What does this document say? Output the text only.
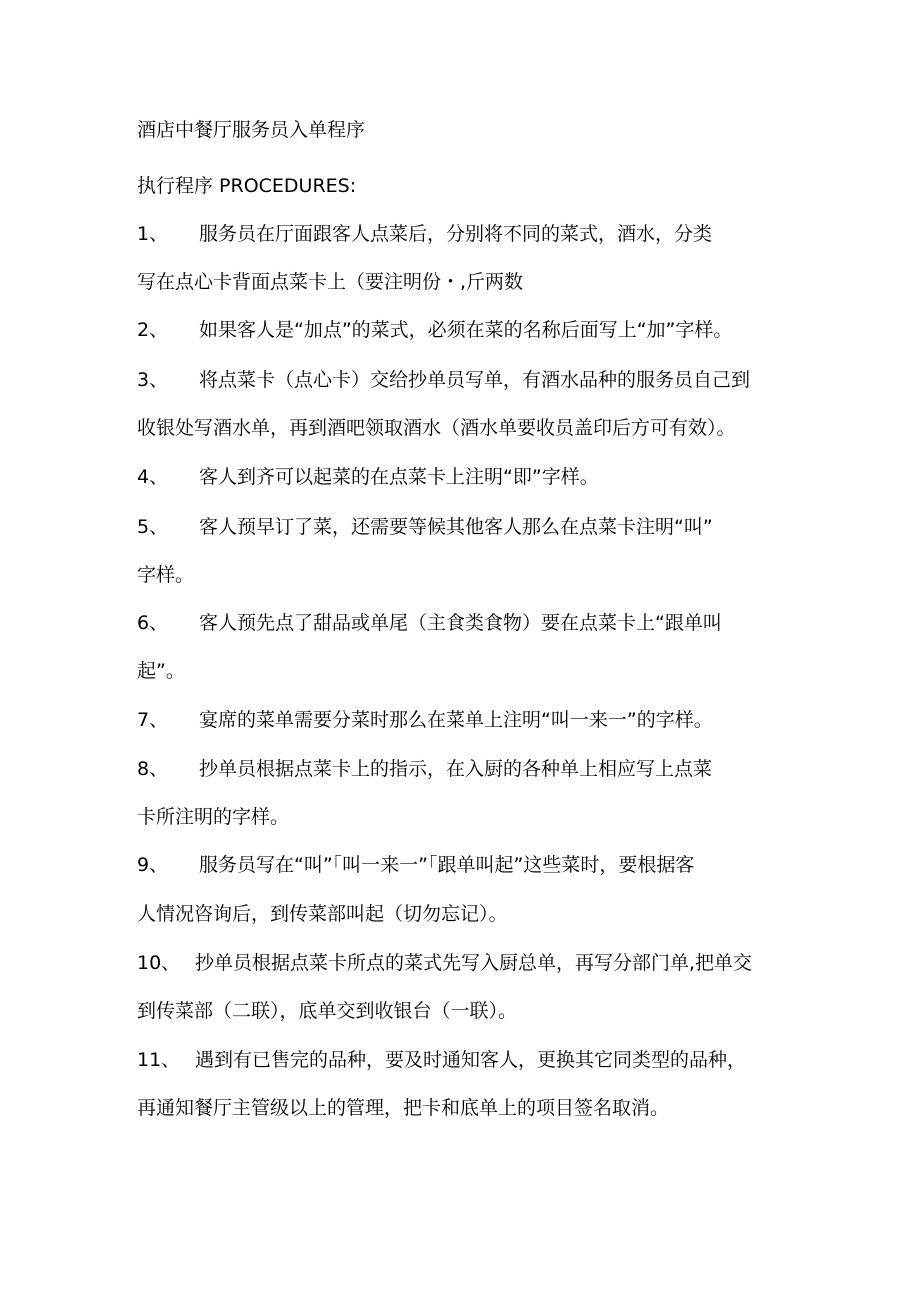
酒店中餐厅服务员入单程序
执行程序 PROCEDURES:
1、 服务员在厅面跟客人点菜后，分别将不同的菜式，酒水，分类
写在点心卡背面点菜卡上（要注明份・,斤两数
2、 如果客人是“加点”的菜式，必须在菜的名称后面写上“加”字样。
3、 将点菜卡（点心卡）交给抄单员写单，有酒水品种的服务员自己到
收银处写酒水单，再到酒吧领取酒水（酒水单要收员盖印后方可有效）。
4、 客人到齐可以起菜的在点菜卡上注明“即”字样。
5、 客人预早订了菜，还需要等候其他客人那么在点菜卡注明“叫”
字样。
6、 客人预先点了甜品或单尾（主食类食物）要在点菜卡上“跟单叫
起”。
7、 宴席的菜单需要分菜时那么在菜单上注明“叫一来一”的字样。
8、 抄单员根据点菜卡上的指示，在入厨的各种单上相应写上点菜
卡所注明的字样。
9、 服务员写在“叫”「叫一来一”「跟单叫起”这些菜时，要根据客
人情况咨询后，到传菜部叫起（切勿忘记）。
10、 抄单员根据点菜卡所点的菜式先写入厨总单，再写分部门单,把单交
到传菜部（二联），底单交到收银台（一联）。
11、 遇到有已售完的品种，要及时通知客人，更换其它同类型的品种，
再通知餐厅主管级以上的管理，把卡和底单上的项目签名取消。
